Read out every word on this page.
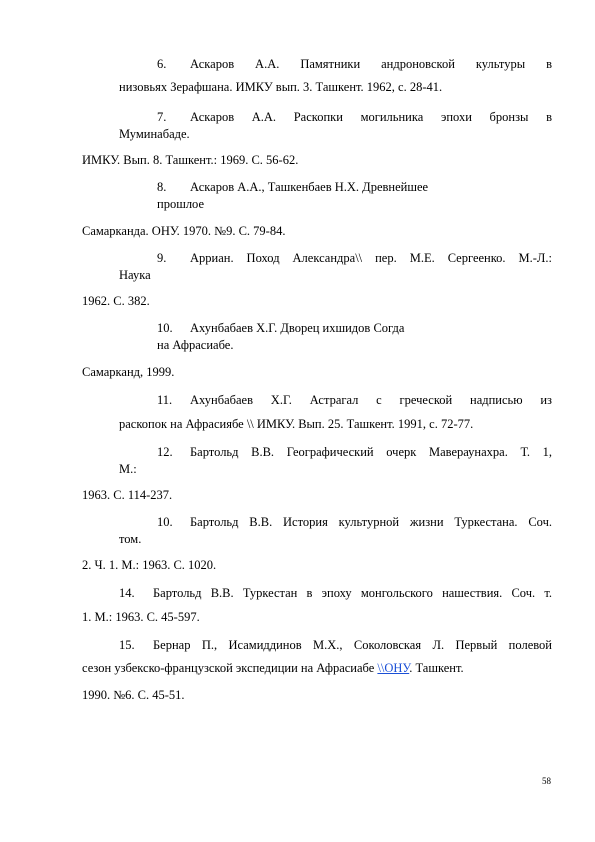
6. Аскаров А.А. Памятники андроновской культуры в
низовьях Зерафшана. ИМКУ вып. 3. Ташкент. 1962, с. 28-41.
7. Аскаров А.А. Раскопки могильника эпохи бронзы в
Муминабаде.
ИМКУ. Вып. 8. Ташкент.: 1969. С. 56-62.
8. Аскаров А.А., Ташкенбаев Н.Х. Древнейшее
прошлое
Самарканда. ОНУ. 1970. №9. С. 79-84.
9. Арриан. Поход Александра\\ пер. М.Е. Сергеенко. М.-Л.:
Наука
1962. С. 382.
10. Ахунбабаев Х.Г. Дворец ихшидов Согда
на Афрасиабе.
Самарканд, 1999.
11. Ахунбабаев Х.Г. Астрагал с греческой надписью из
раскопок на Афрасиябе \\ ИМКУ. Вып. 25. Ташкент. 1991, с. 72-77.
12. Бартольд В.В. Географический очерк Мавераунахра. Т. 1,
М.:
1963. С. 114-237.
10. Бартольд В.В. История культурной жизни Туркестана. Соч.
том.
2. Ч. 1. М.: 1963. С. 1020.
14. Бартольд В.В. Туркестан в эпоху монгольского нашествия. Соч. т.
1. М.: 1963. С. 45-597.
15. Бернар П., Исамиддинов М.Х., Соколовская Л. Первый полевой
сезон узбекско-французской экспедиции на Афрасиабе \\ОНУ. Ташкент.
1990. №6. С. 45-51.
58
